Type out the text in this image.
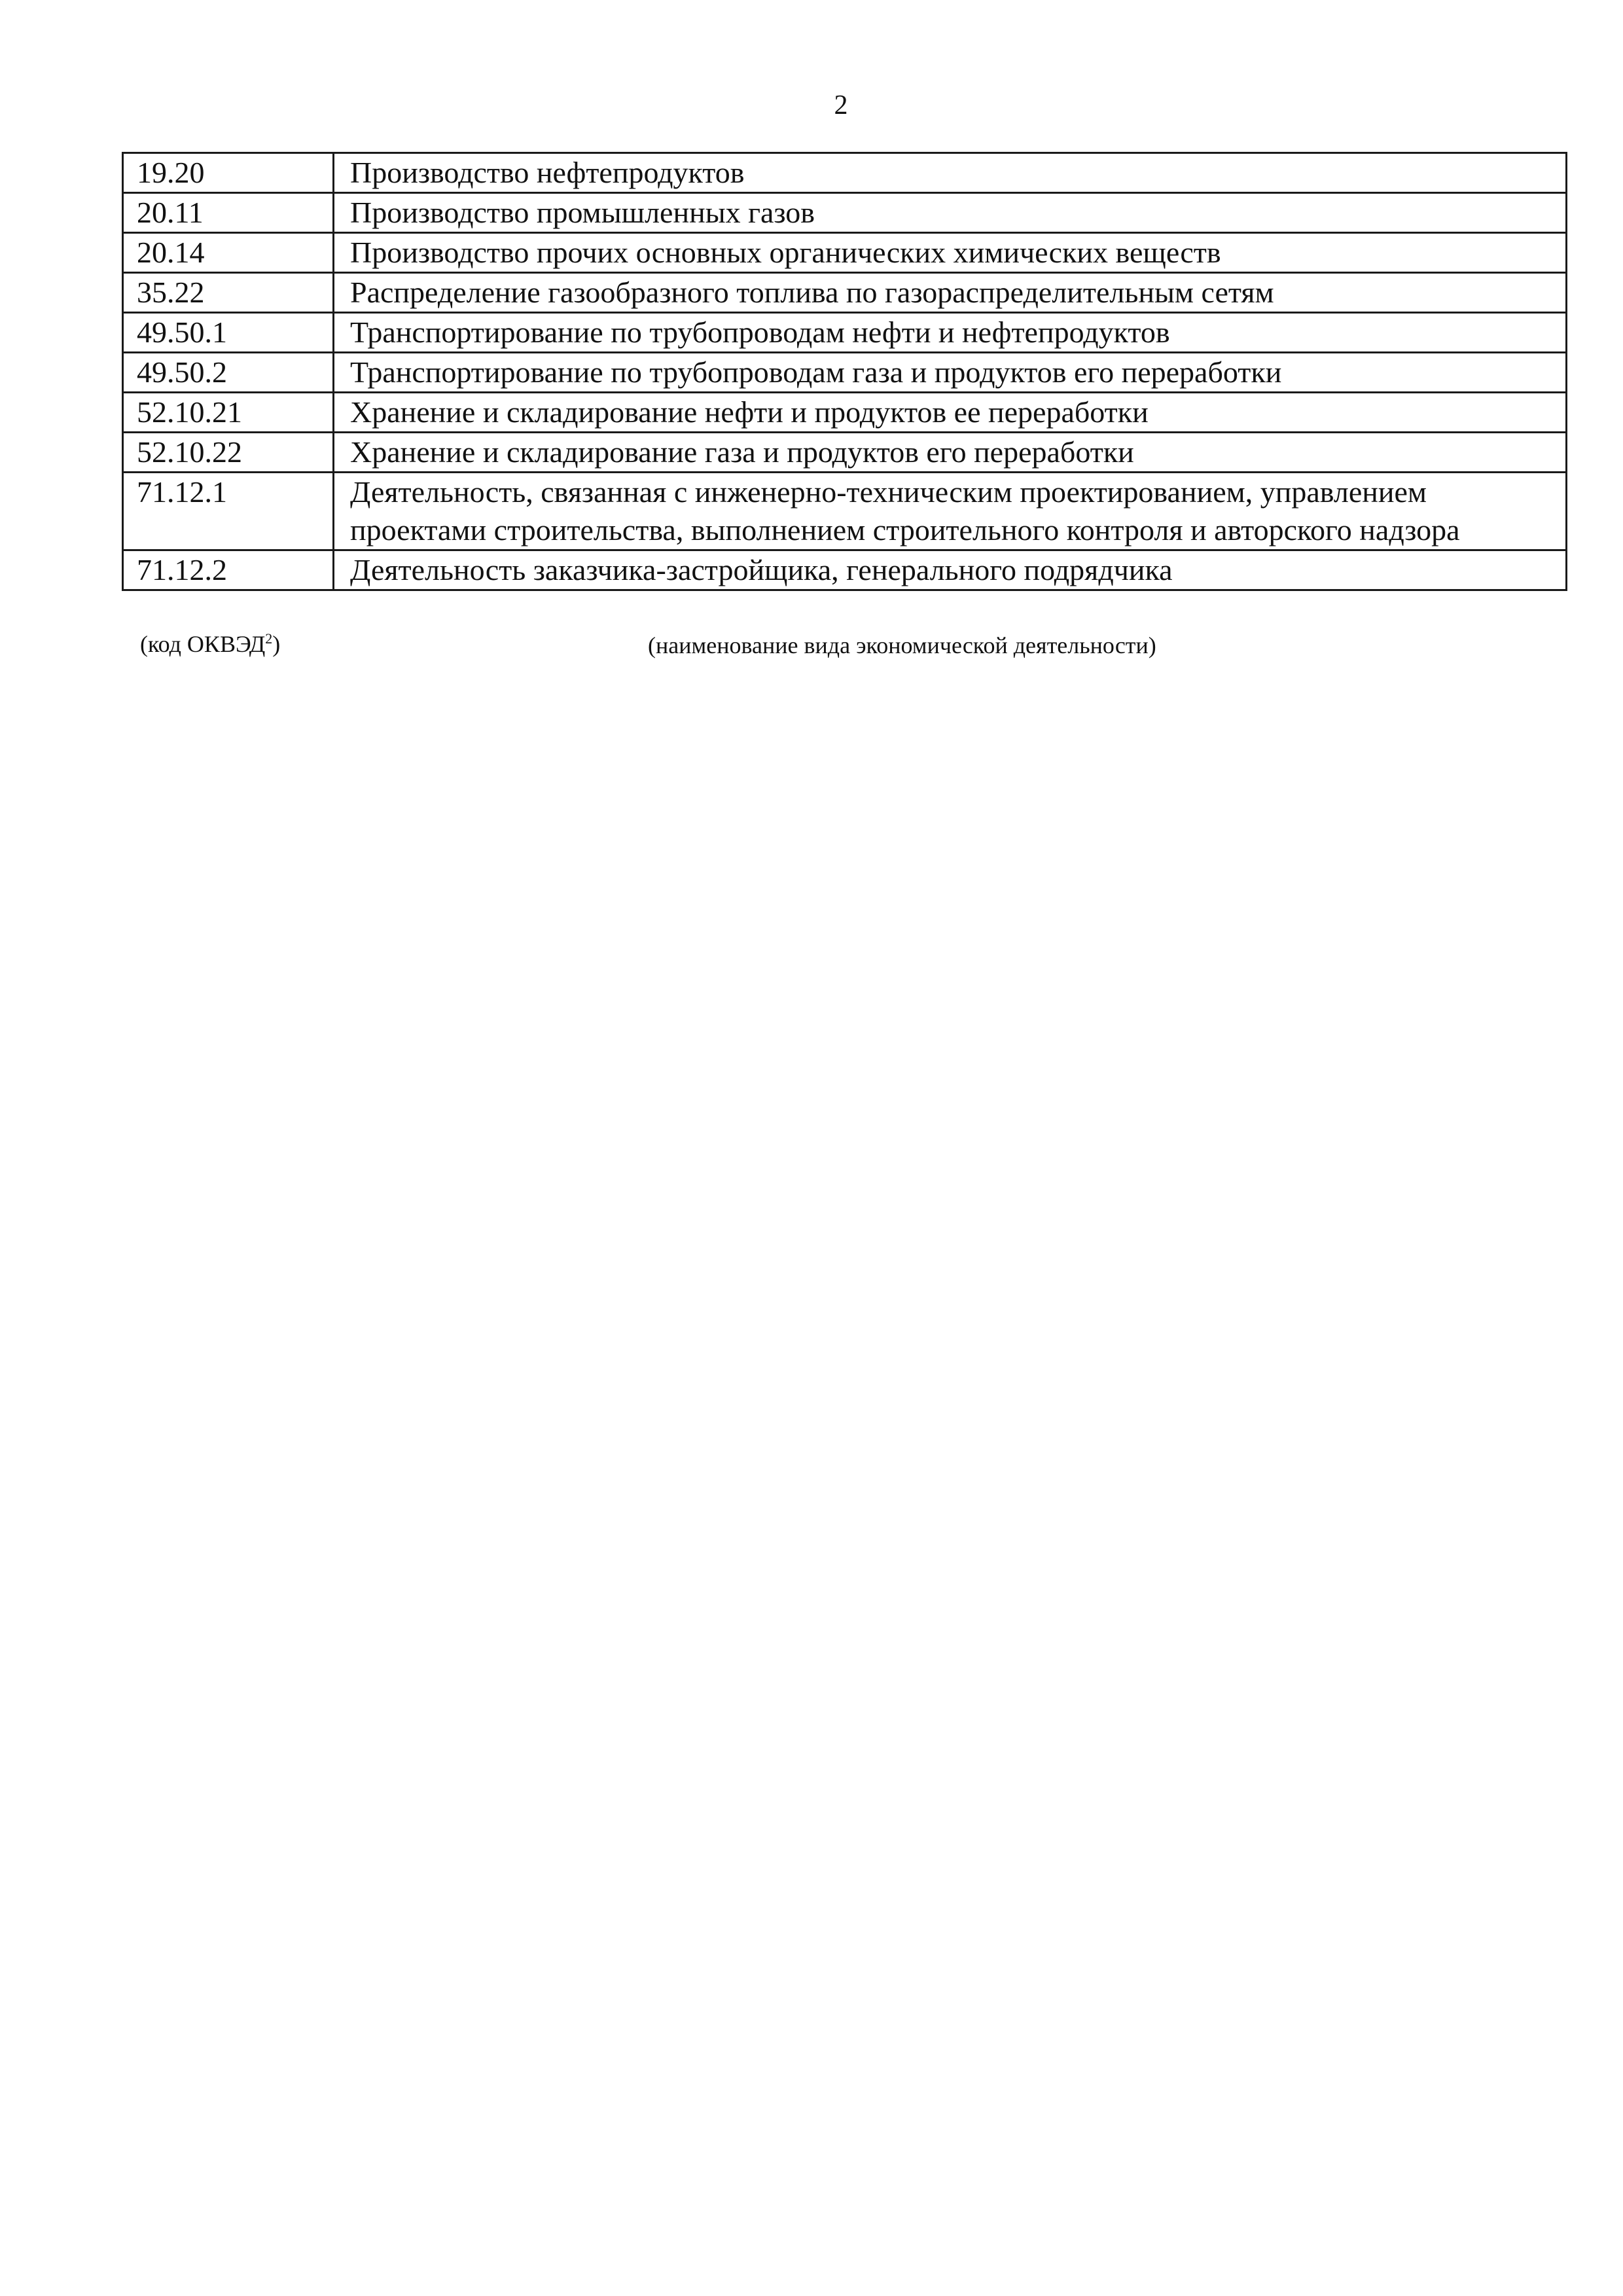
2
19.20	Производство нефтепродуктов
20.11	Производство промышленных газов
20.14	Производство прочих основных органических химических веществ
35.22	Распределение газообразного топлива по газораспределительным сетям
49.50.1	Транспортирование по трубопроводам нефти и нефтепродуктов
49.50.2	Транспортирование по трубопроводам газа и продуктов его переработки
52.10.21	Хранение и складирование нефти и продуктов ее переработки
52.10.22	Хранение и складирование газа и продуктов его переработки
71.12.1	Деятельность, связанная с инженерно-техническим проектированием, управлением проектами строительства, выполнением строительного контроля и авторского надзора
71.12.2	Деятельность заказчика-застройщика, генерального подрядчика
(код ОКВЭД$^2$)	(наименование вида экономической деятельности)
